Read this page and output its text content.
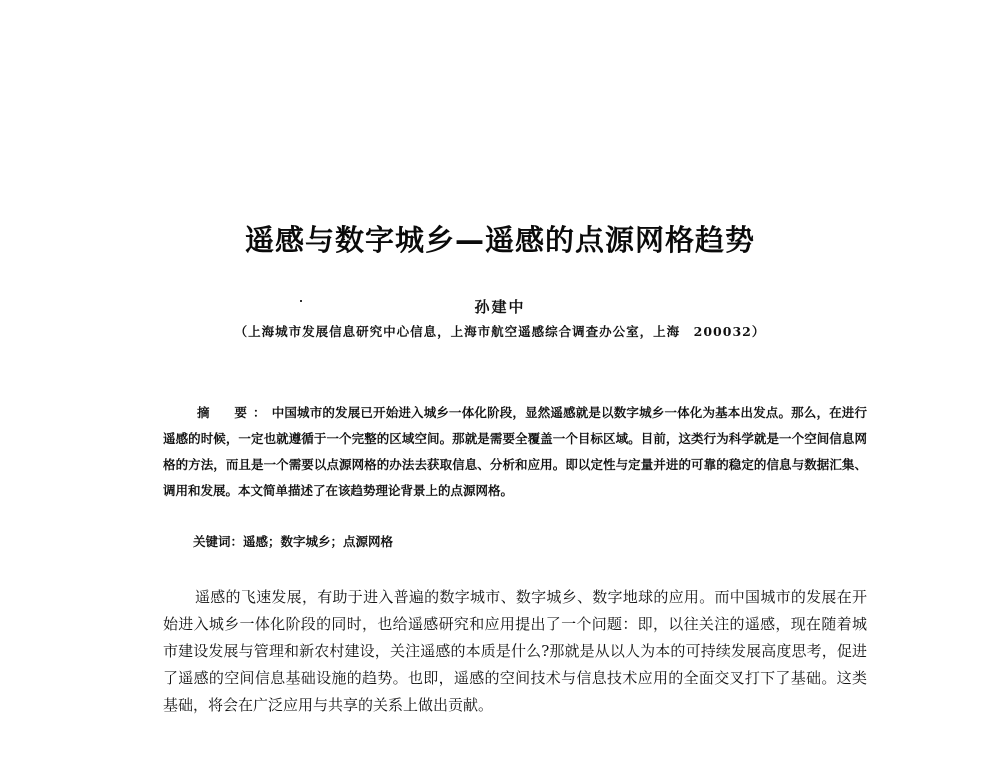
遥感与数字城乡—遥感的点源网格趋势
孙建中
（上海城市发展信息研究中心信息，上海市航空遥感综合调查办公室，上海　200032）
摘　要：中国城市的发展已开始进入城乡一体化阶段，显然遥感就是以数字城乡一体化为基本出发点。那么，在进行遥感的时候，一定也就遵循于一个完整的区域空间。那就是需要全覆盖一个目标区域。目前，这类行为科学就是一个空间信息网格的方法，而且是一个需要以点源网格的办法去获取信息、分析和应用。即以定性与定量并进的可靠的稳定的信息与数据汇集、调用和发展。本文简单描述了在该趋势理论背景上的点源网格。
关键词：遥感；数字城乡；点源网格
遥感的飞速发展，有助于进入普遍的数字城市、数字城乡、数字地球的应用。而中国城市的发展在开始进入城乡一体化阶段的同时，也给遥感研究和应用提出了一个问题：即，以往关注的遥感，现在随着城市建设发展与管理和新农村建设，关注遥感的本质是什么?那就是从以人为本的可持续发展高度思考，促进了遥感的空间信息基础设施的趋势。也即，遥感的空间技术与信息技术应用的全面交叉打下了基础。这类基础，将会在广泛应用与共享的关系上做出贡献。
